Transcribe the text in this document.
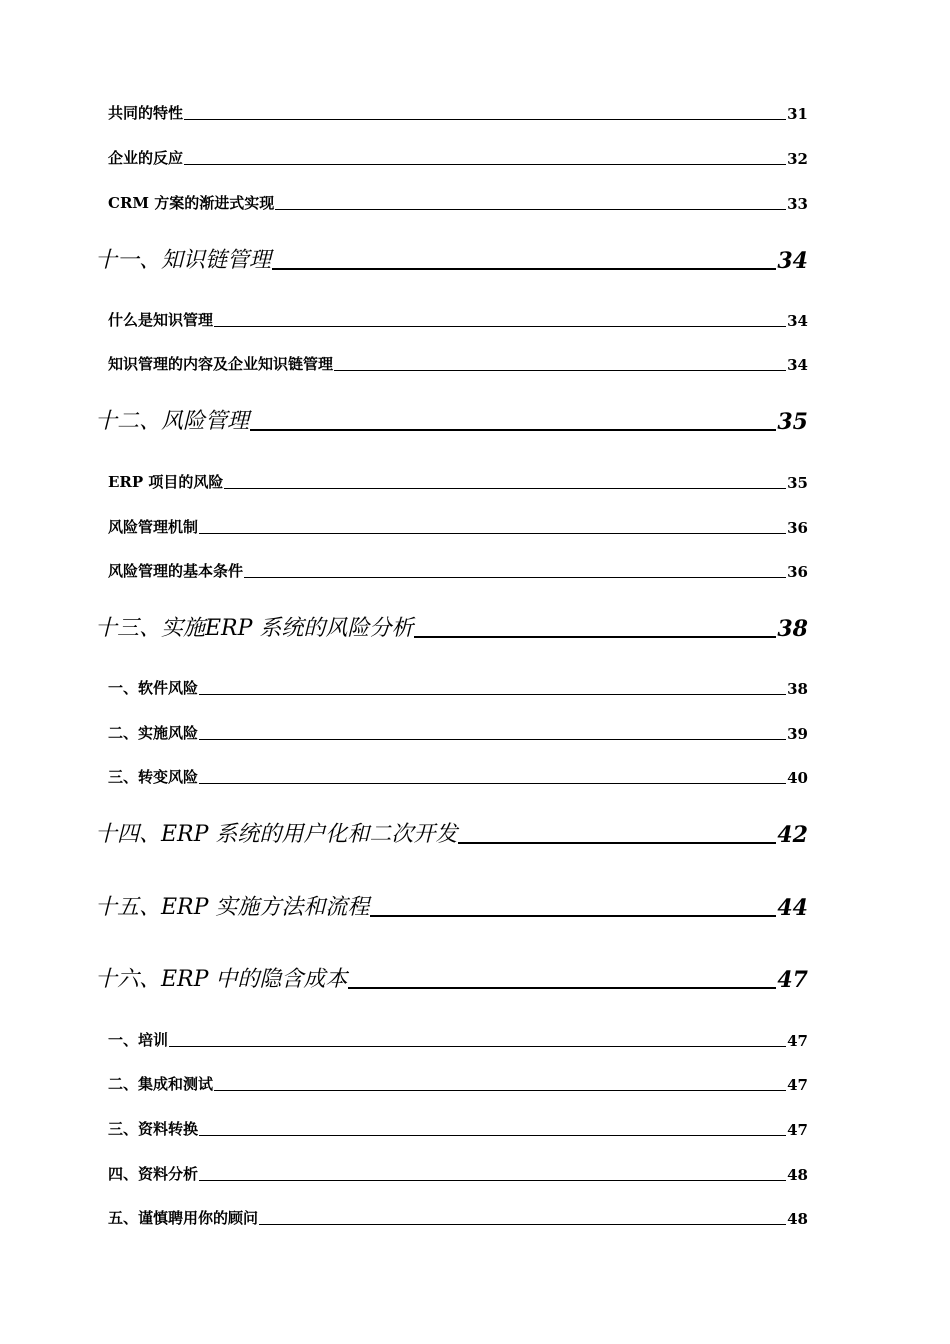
共同的特性	31
企业的反应	32
CRM 方案的渐进式实现	33
十一、知识链管理	34
什么是知识管理	34
知识管理的内容及企业知识链管理	34
十二、风险管理	35
ERP 项目的风险	35
风险管理机制	36
风险管理的基本条件	36
十三、实施ERP 系统的风险分析	38
一、软件风险	38
二、实施风险	39
三、转变风险	40
十四、ERP 系统的用户化和二次开发	42
十五、ERP 实施方法和流程	44
十六、ERP 中的隐含成本	47
一、培训	47
二、集成和测试	47
三、资料转换	47
四、资料分析	48
五、谨慎聘用你的顾问	48
